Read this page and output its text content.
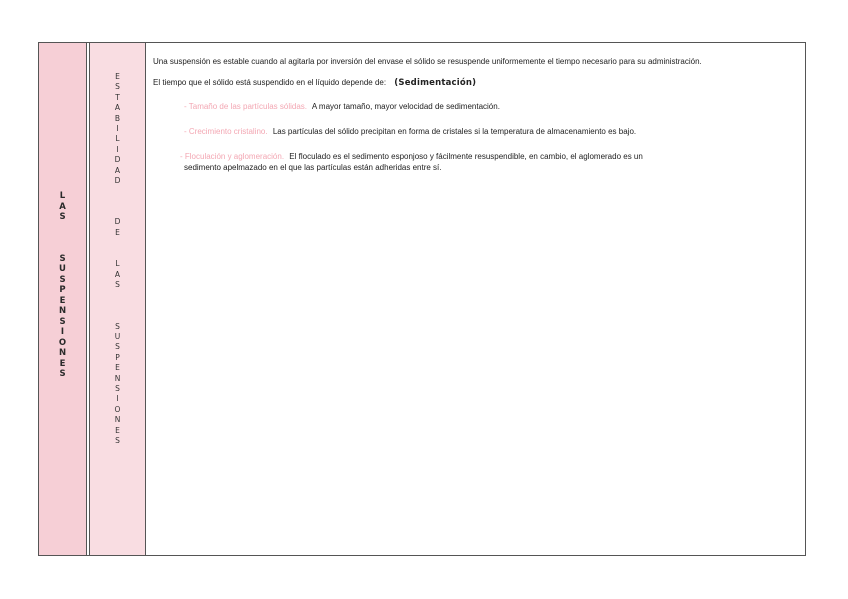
L
A
S
S
U
S
P
E
N
S
I
O
N
E
S
E
S
T
A
B
I
L
I
D
A
D
D
E
L
A
S
S
U
S
P
E
N
S
I
O
N
E
S

Una suspensión es estable cuando al agitarla por inversión del envase el sólido se resuspende uniformemente el tiempo necesario para su administración.

El tiempo que el sólido está suspendido en el líquido depende de: (Sedimentación)

- Tamaño de las partículas sólidas. A mayor tamaño, mayor velocidad de sedimentación.

- Crecimiento cristalino. Las partículas del sólido precipitan en forma de cristales si la temperatura de almacenamiento es bajo.

- Floculación y aglomeración. El floculado es el sedimento esponjoso y fácilmente resuspendible, en cambio, el aglomerado es un
sedimento apelmazado en el que las partículas están adheridas entre sí.
